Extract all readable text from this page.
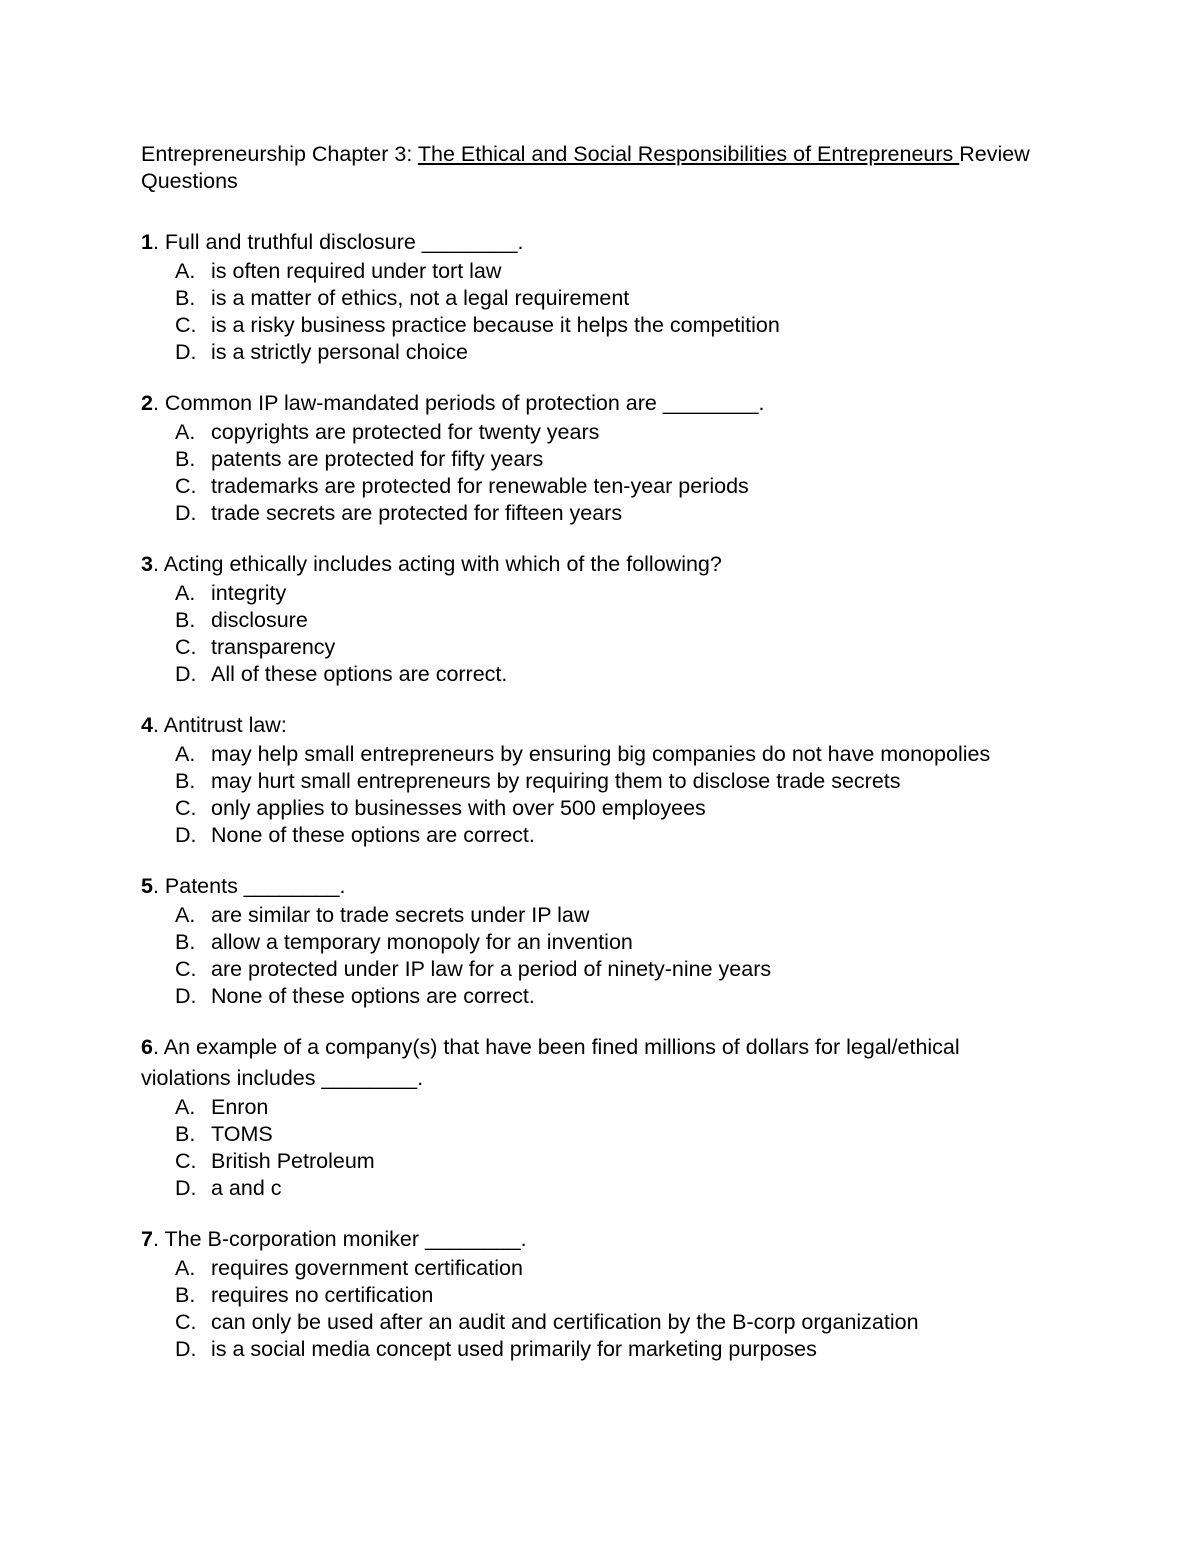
Entrepreneurship Chapter 3: The Ethical and Social Responsibilities of Entrepreneurs Review Questions

1. Full and truthful disclosure ________.
A. is often required under tort law
B. is a matter of ethics, not a legal requirement
C. is a risky business practice because it helps the competition
D. is a strictly personal choice
2. Common IP law-mandated periods of protection are ________.
A. copyrights are protected for twenty years
B. patents are protected for fifty years
C. trademarks are protected for renewable ten-year periods
D. trade secrets are protected for fifteen years
3. Acting ethically includes acting with which of the following?
A. integrity
B. disclosure
C. transparency
D. All of these options are correct.
4. Antitrust law:
A. may help small entrepreneurs by ensuring big companies do not have monopolies
B. may hurt small entrepreneurs by requiring them to disclose trade secrets
C. only applies to businesses with over 500 employees
D. None of these options are correct.
5. Patents ________.
A. are similar to trade secrets under IP law
B. allow a temporary monopoly for an invention
C. are protected under IP law for a period of ninety-nine years
D. None of these options are correct.
6. An example of a company(s) that have been fined millions of dollars for legal/ethical violations includes ________.
A. Enron
B. TOMS
C. British Petroleum
D. a and c
7. The B-corporation moniker ________.
A. requires government certification
B. requires no certification
C. can only be used after an audit and certification by the B-corp organization
D. is a social media concept used primarily for marketing purposes
